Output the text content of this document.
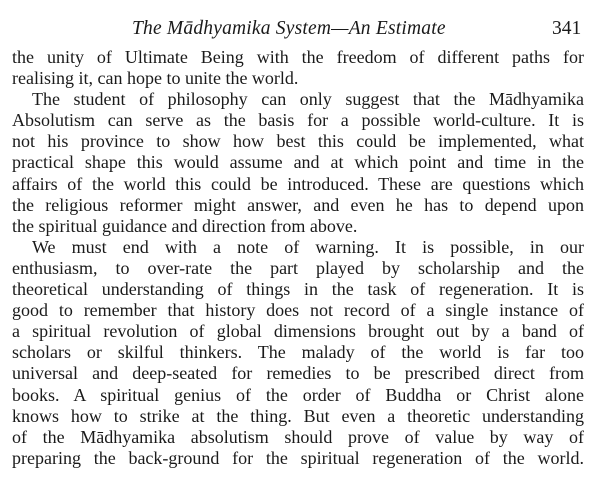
The Mādhyamika System—An Estimate	341
the unity of Ultimate Being with the freedom of different paths for
realising it, can hope to unite the world.
The student of philosophy can only suggest that the Mādhyamika
Absolutism can serve as the basis for a possible world-culture. It is
not his province to show how best this could be implemented, what
practical shape this would assume and at which point and time in the
affairs of the world this could be introduced. These are questions which
the religious reformer might answer, and even he has to depend upon
the spiritual guidance and direction from above.
We must end with a note of warning. It is possible, in our
enthusiasm, to over-rate the part played by scholarship and the
theoretical understanding of things in the task of regeneration. It is
good to remember that history does not record of a single instance of
a spiritual revolution of global dimensions brought out by a band of
scholars or skilful thinkers. The malady of the world is far too
universal and deep-seated for remedies to be prescribed direct from
books. A spiritual genius of the order of Buddha or Christ alone
knows how to strike at the thing. But even a theoretic understanding
of the Mādhyamika absolutism should prove of value by way of
preparing the back-ground for the spiritual regeneration of the world.
